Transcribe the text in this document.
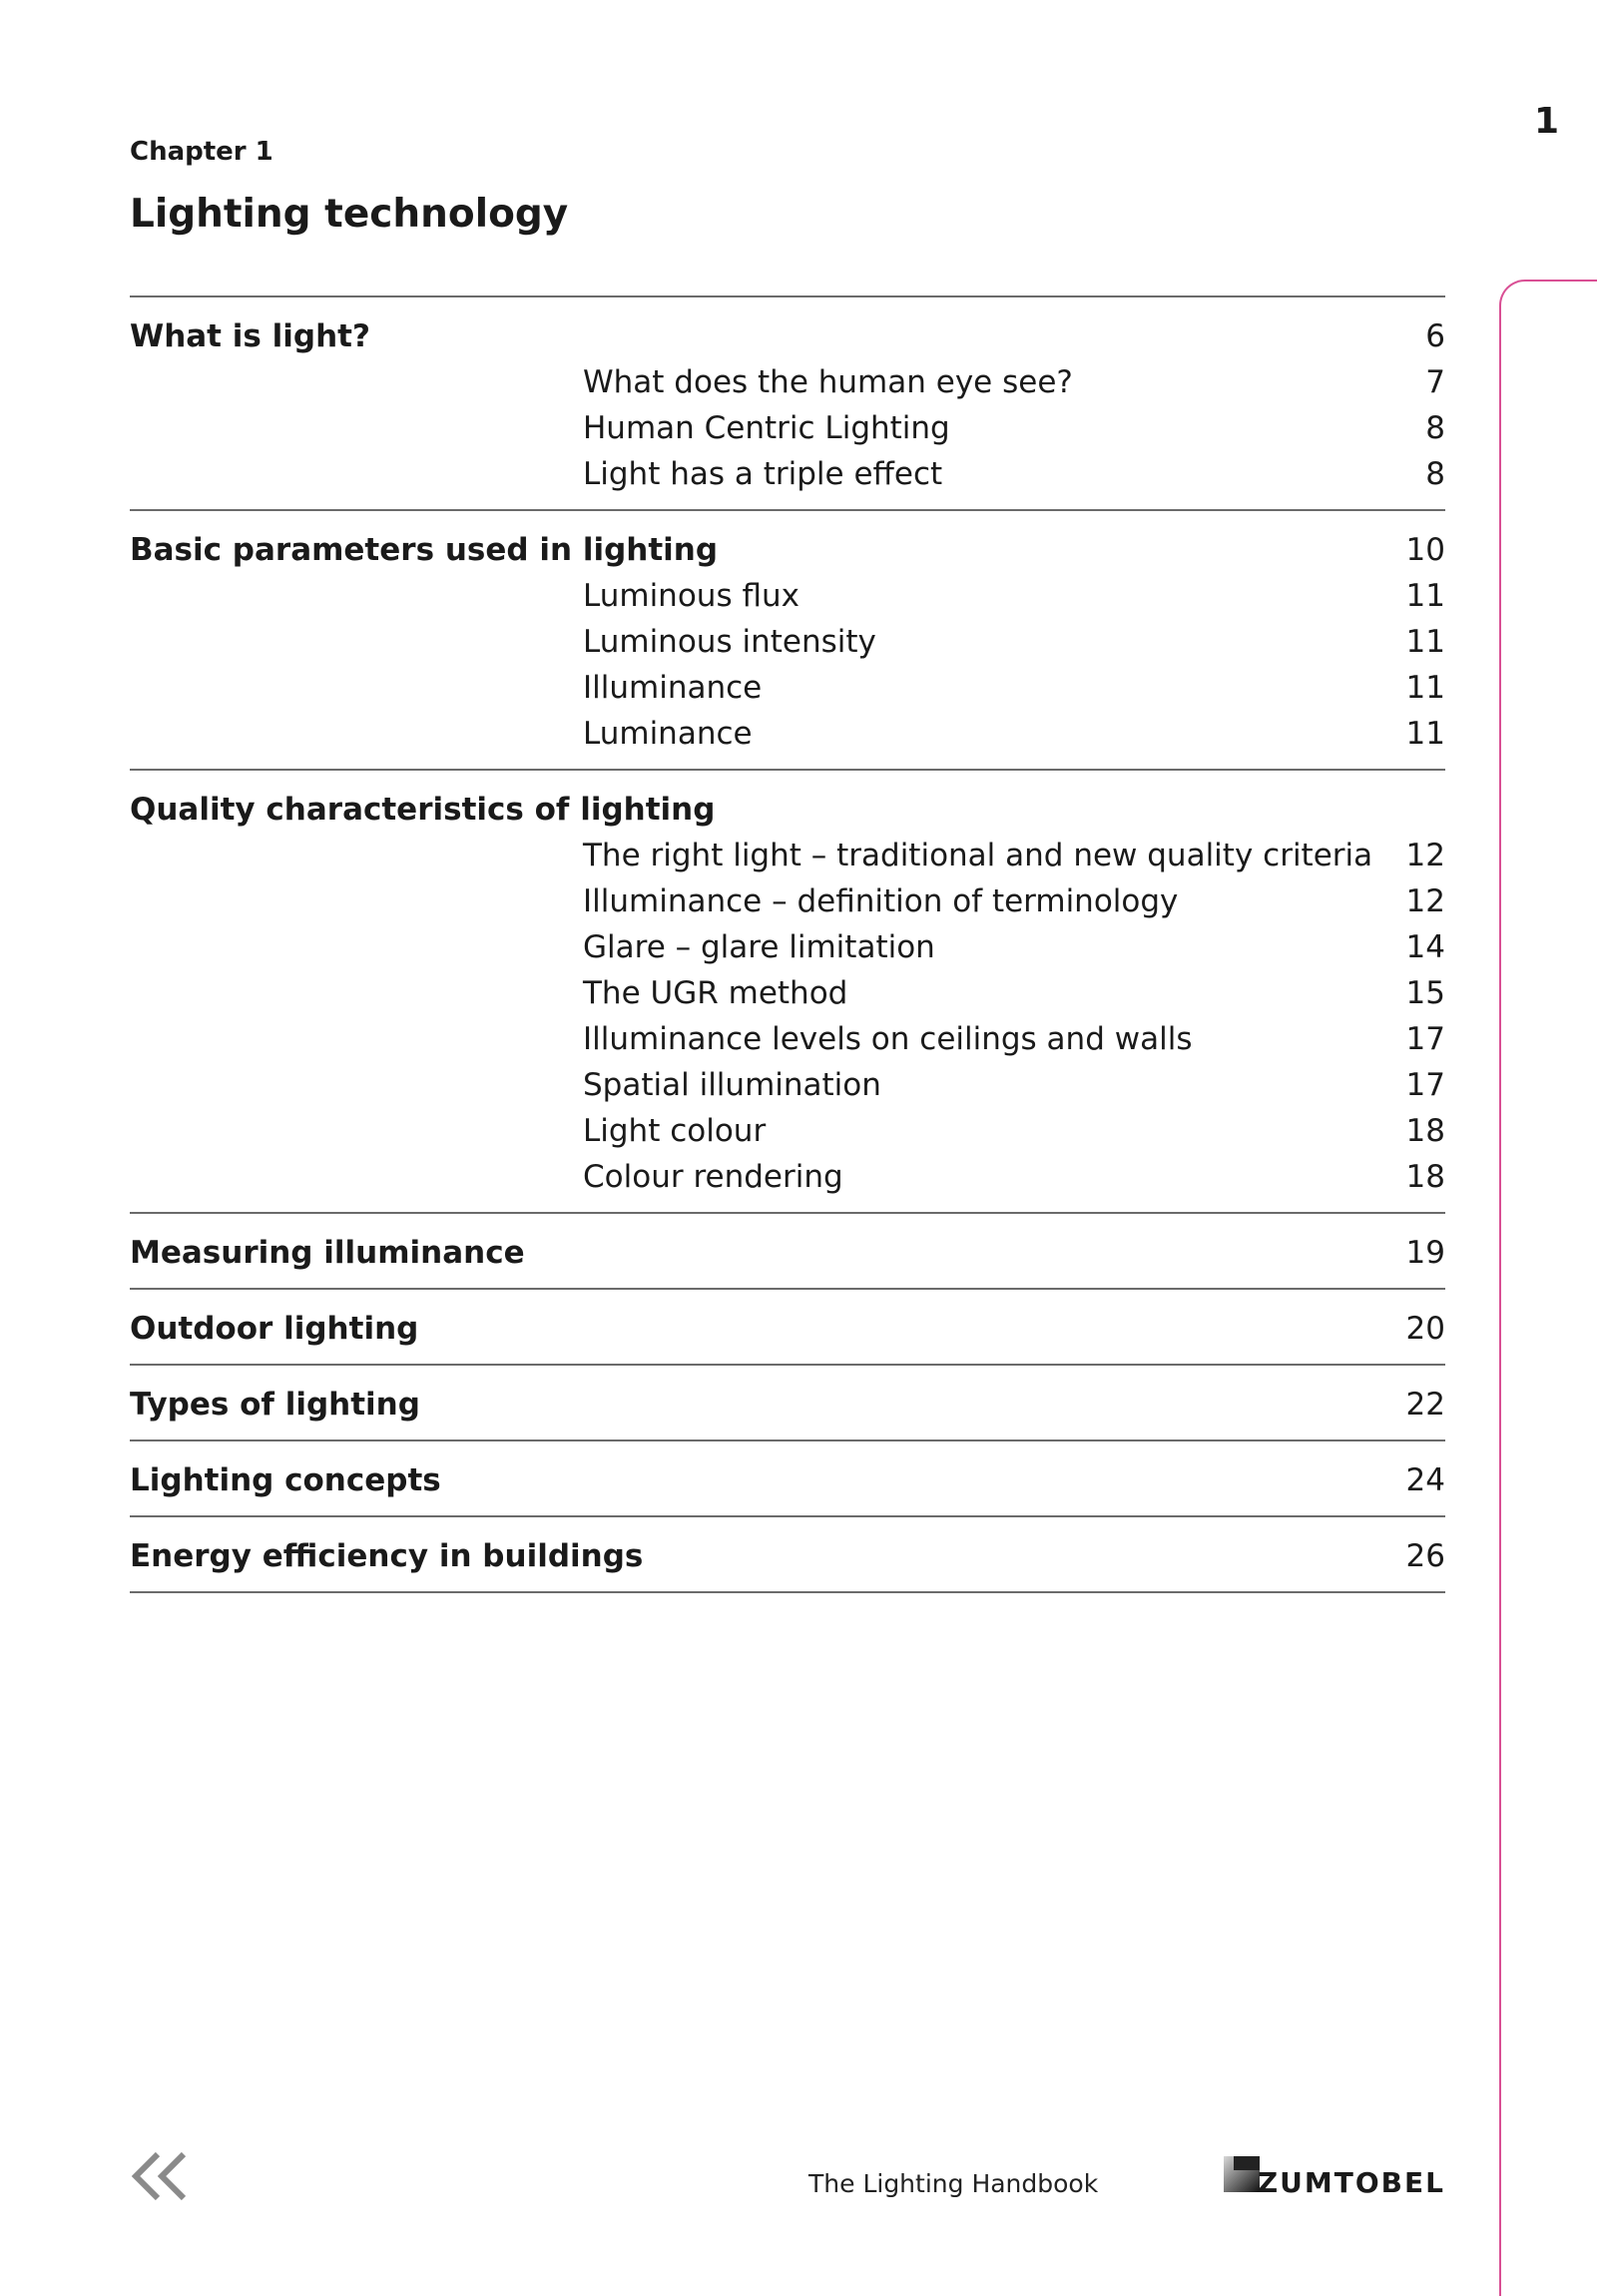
1
Chapter 1
Lighting technology
What is light?	6
What does the human eye see?	7
Human Centric Lighting	8
Light has a triple effect	8
Basic parameters used in lighting	10
Luminous flux	11
Luminous intensity	11
Illuminance	11
Luminance	11
Quality characteristics of lighting
The right light – traditional and new quality criteria 12
Illuminance – definition of terminology	12
Glare – glare limitation	14
The UGR method	15
Illuminance levels on ceilings and walls	17
Spatial illumination	17
Light colour	18
Colour rendering	18
Measuring illuminance	19
Outdoor lighting	20
Types of lighting	22
Lighting concepts	24
Energy efficiency in buildings	26
The Lighting Handbook	ZUMTOBEL
